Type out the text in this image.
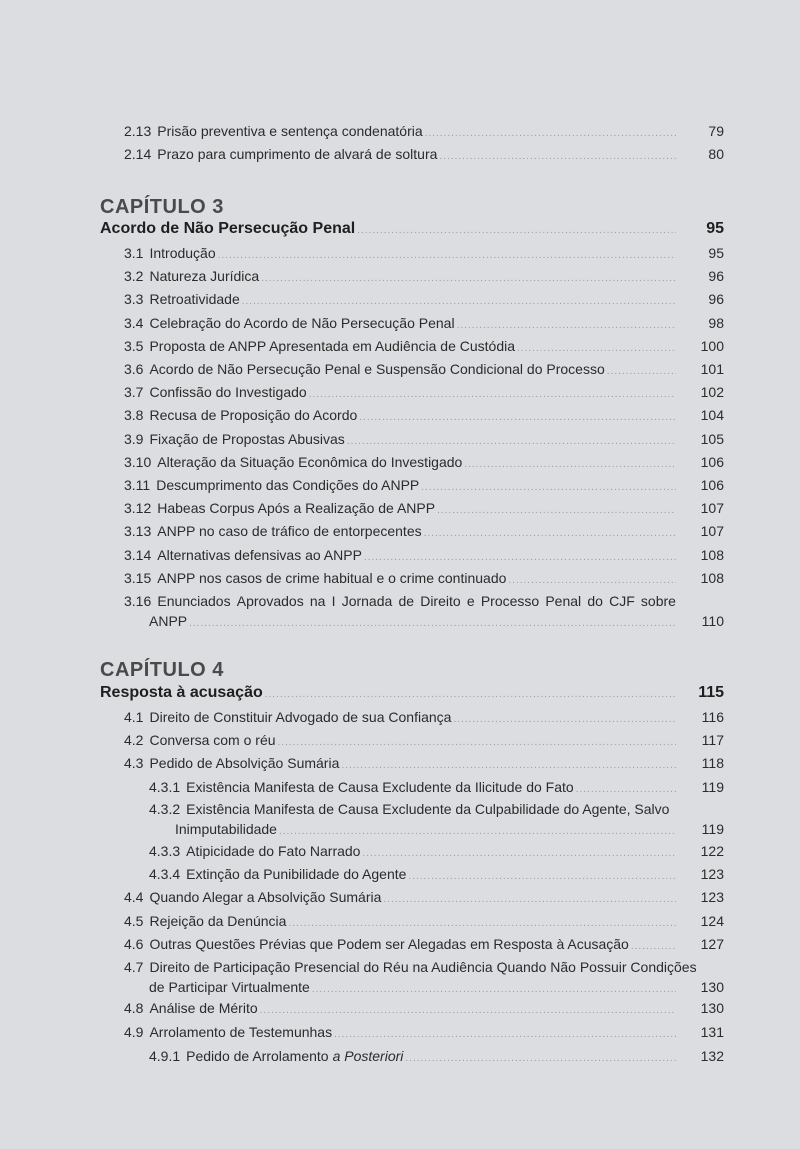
2.13 Prisão preventiva e sentença condenatória .....	79
2.14 Prazo para cumprimento de alvará de soltura .....	80
CAPÍTULO 3
Acordo de Não Persecução Penal .....	95
3.1 Introdução .....	95
3.2 Natureza Jurídica .....	96
3.3 Retroatividade .....	96
3.4 Celebração do Acordo de Não Persecução Penal .....	98
3.5 Proposta de ANPP Apresentada em Audiência de Custódia .....	100
3.6 Acordo de Não Persecução Penal e Suspensão Condicional do Processo .....	101
3.7 Confissão do Investigado .....	102
3.8 Recusa de Proposição do Acordo .....	104
3.9 Fixação de Propostas Abusivas .....	105
3.10 Alteração da Situação Econômica do Investigado .....	106
3.11 Descumprimento das Condições do ANPP .....	106
3.12 Habeas Corpus Após a Realização de ANPP .....	107
3.13 ANPP no caso de tráfico de entorpecentes .....	107
3.14 Alternativas defensivas ao ANPP .....	108
3.15 ANPP nos casos de crime habitual e o crime continuado .....	108
3.16 Enunciados Aprovados na I Jornada de Direito e Processo Penal do CJF sobre
ANPP .....	110
CAPÍTULO 4
Resposta à acusação .....	115
4.1 Direito de Constituir Advogado de sua Confiança .....	116
4.2 Conversa com o réu .....	117
4.3 Pedido de Absolvição Sumária .....	118
4.3.1 Existência Manifesta de Causa Excludente da Ilicitude do Fato .....	119
4.3.2 Existência Manifesta de Causa Excludente da Culpabilidade do Agente, Salvo
Inimputabilidade .....	119
4.3.3 Atipicidade do Fato Narrado .....	122
4.3.4 Extinção da Punibilidade do Agente .....	123
4.4 Quando Alegar a Absolvição Sumária .....	123
4.5 Rejeição da Denúncia .....	124
4.6 Outras Questões Prévias que Podem ser Alegadas em Resposta à Acusação .....	127
4.7 Direito de Participação Presencial do Réu na Audiência Quando Não Possuir Condições
de Participar Virtualmente .....	130
4.8 Análise de Mérito .....	130
4.9 Arrolamento de Testemunhas .....	131
4.9.1 Pedido de Arrolamento a Posteriori .....	132
